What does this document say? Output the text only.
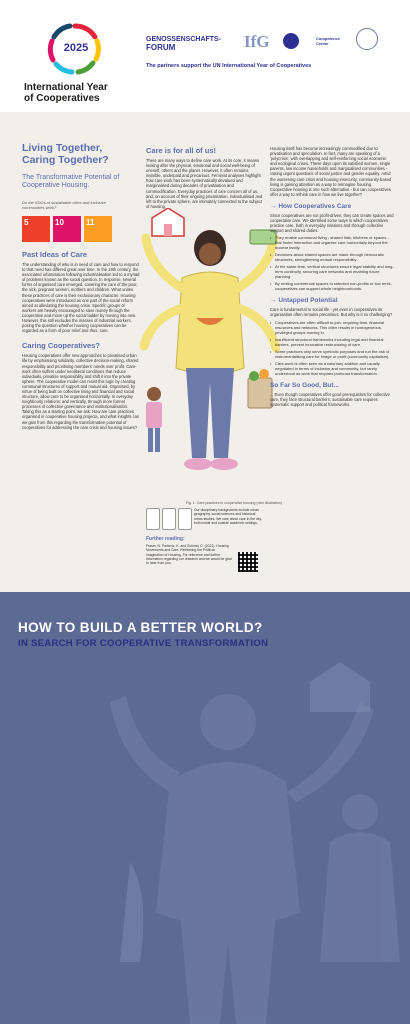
2025
International Year
of Cooperatives
GENOSSENSCHAFTS-
FORUM	IfG	Competence
Center
The partners support the UN International Year of Cooperatives
Living Together,
Caring Together?
The Transformative Potential of Cooperative Housing.
Do the SDGs of sustainable cities and inclusive communities work?
5	10	11
Past Ideas of Care
The understanding of who is in need of care and how to respond to that need has differed great over time. In the 19th century, the associated urbanisation following industrialisation led to a myriad of problems known as the social question. In response, several forms of organised care emerged, covering the care of the poor, the sick, pregnant women, mothers and children. What unites these practices of care is their exclusionary character. Housing cooperatives were introduced as one part of the social reform aimed at alleviating the housing crisis. Specific groups of workers are heavily encouraged to save money through the cooperative and move up the social ladder by moving into new. However, this still excludes the masses of industrial workers, posing the question whether housing cooperatives can be regarded as a form of poor relief and thus, care.
Caring Cooperatives?
Housing cooperatives offer new approaches to privatised urban life by emphasising solidarity, collective decision-making, shared responsibility and prioritising members' needs over profit. Care-work often suffers under neoliberal conditions that reduce individuals, privatise responsibility and shift it into the private sphere. The cooperative model can resist this logic by creating communal structures of support and mutual aid. Organised, by virtue of being built on collective living and financial and social structure, allow care to be organised horizontally. In everyday neighbourly relations; and vertically, through more formal processes of collective governance and institutionalisation. Taking this as a starting point, we ask: How are care practices organised in cooperative housing projects, and what insights can we gain from this regarding the transformative potential of cooperatives for addressing the care crisis and housing issues?
Care is for all of us!
There are many ways to define care work. At its core, it means looking after the physical, emotional and social well-being of oneself, others and the planet. However, it often remains invisible, underpaid and precarious. Feminist analyses highlight how care work has been systematically devalued and marginalised during decades of privatisation and commodification. Everyday practices of care concern all of us, and, on account of their ongoing privatisation, individualised and left to the private sphere, are intimately connected to the subject of housing.
Fig. 1: Care-practices in cooperative housing (own illustration)
Our disciplinary backgrounds include urban geography, social sciences and historical urban studies. We care about care in the city, both inside and outside academic settings.
Further reading:
Fraser, N. Pavlovic, K. and Schmid, C. (2021). Housing Movements and Care. Rethinking the Political Imagination of Housing. For reference and further information regarding our research and we would be glad to hear from you.
Housing itself has become increasingly commodified due to privatisation and speculation. In fact, many are speaking of a 'polycrisis', with overlapping and self-reinforcing social economic and ecological crises. These days upon its satisfied women, single parents, low income households and marginalised communities - raising urgent questions of social justice and gender equality. Amid the worsening care crisis and housing insecurity, community-based living is gaining attention as a way to reimagine housing. Cooperative housing is one such alternative - but can cooperatives offer a way to rethink care in how we live together?
→ How Cooperatives Care
Since cooperatives are not profit-driven, they can create spaces and cooperative care. We identified some ways in which cooperatives practice care, both in everyday relations and through collective support and shared duties:
• They enable communal living - shared flats, kitchens or spaces - that foster interaction and organise care horizontally beyond the nuclear family.
• Decisions about shared spaces are made through democratic structures, strengthening mutual responsibility.
• At the same time, vertical structures ensure legal stability and long-term continuity, securing care networks and enabling future planning.
• By renting commercial spaces to selected non-profits or low rents, cooperatives can support whole neighbourhoods.
→ Untapped Potential
Care is fundamental to social life - yet even in cooperatives its organisation often remains precarious. But why is it so challenging?
• Cooperatives are often difficult to join, requiring time, financial resources and networks. This often results in homogeneous, privileged groups moving in.
• Insufficient structural frameworks including legal and financial barriers, prevent innovative restructuring of care.
• Some practices only serve symbolic purposes and run the risk of instrumentalising care for image or profit (community capitalism).
• Care-work is often seen as a voluntary addition and usually negotiated in terms of inclusion and community, but rarely understood as work that requires profound transformation.
So Far So Good, But...
... Even though cooperatives offer good prerequisites for collective care, they face structural barriers; sustainable care requires systematic support and political frameworks.
HOW TO BUILD A BETTER WORLD?
IN SEARCH FOR COOPERATIVE TRANSFORMATION
